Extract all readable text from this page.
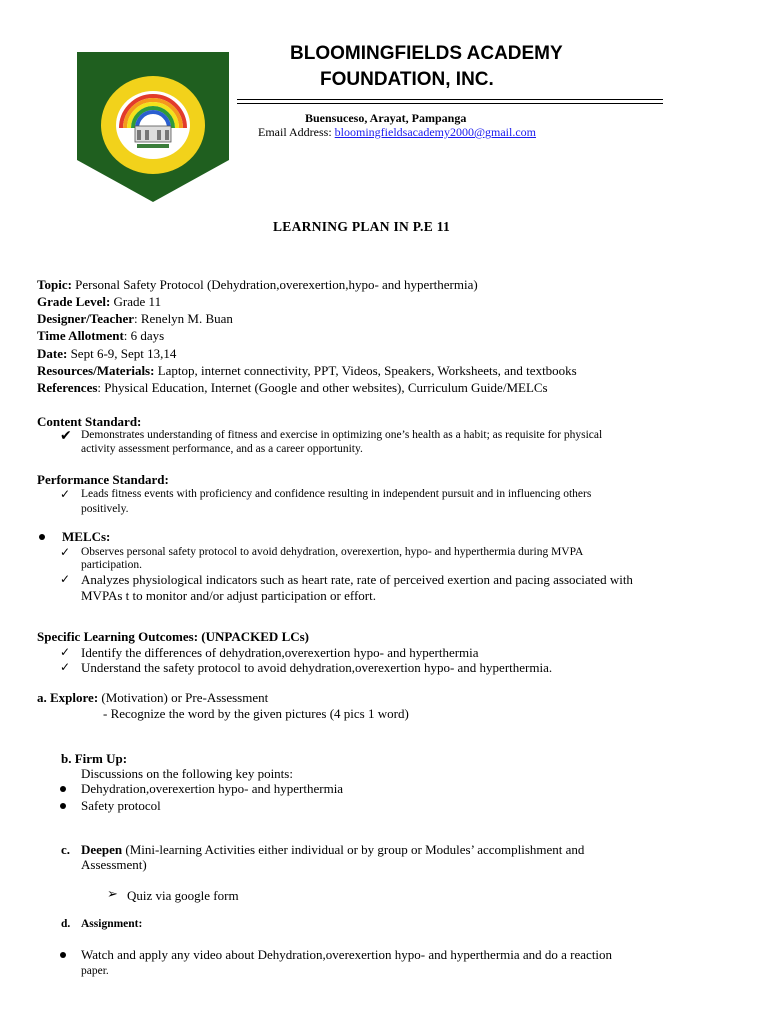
BLOOMINGFIELDS ACADEMY
FOUNDATION, INC.
Buensuceso, Arayat, Pampanga
Email Address: bloomingfieldsacademy2000@gmail.com
LEARNING PLAN IN P.E 11
Topic: Personal Safety Protocol (Dehydration,overexertion,hypo- and hyperthermia)
Grade Level: Grade 11
Designer/Teacher: Renelyn M. Buan
Time Allotment: 6 days
Date: Sept 6-9, Sept 13,14
Resources/Materials: Laptop, internet connectivity, PPT, Videos, Speakers, Worksheets, and textbooks
References: Physical Education, Internet (Google and other websites), Curriculum Guide/MELCs
Content Standard:
✔ Demonstrates understanding of fitness and exercise in optimizing one’s health as a habit; as requisite for physical
activity assessment performance, and as a career opportunity.
Performance Standard:
✓ Leads fitness events with proficiency and confidence resulting in independent pursuit and in influencing others
positively.
MELCs:
✓ Observes personal safety protocol to avoid dehydration, overexertion, hypo- and hyperthermia during MVPA
participation.
✓ Analyzes physiological indicators such as heart rate, rate of perceived exertion and pacing associated with
MVPAs t to monitor and/or adjust participation or effort.
Specific Learning Outcomes: (UNPACKED LCs)
✓ Identify the differences of dehydration,overexertion hypo- and hyperthermia
✓ Understand the safety protocol to avoid dehydration,overexertion hypo- and hyperthermia.
a. Explore: (Motivation) or Pre-Assessment
- Recognize the word by the given pictures (4 pics 1 word)
b. Firm Up:
Discussions on the following key points:
Dehydration,overexertion hypo- and hyperthermia
Safety protocol
c. Deepen (Mini-learning Activities either individual or by group or Modules’ accomplishment and
Assessment)
➢ Quiz via google form
d. Assignment:
Watch and apply any video about Dehydration,overexertion hypo- and hyperthermia and do a reaction
paper.
